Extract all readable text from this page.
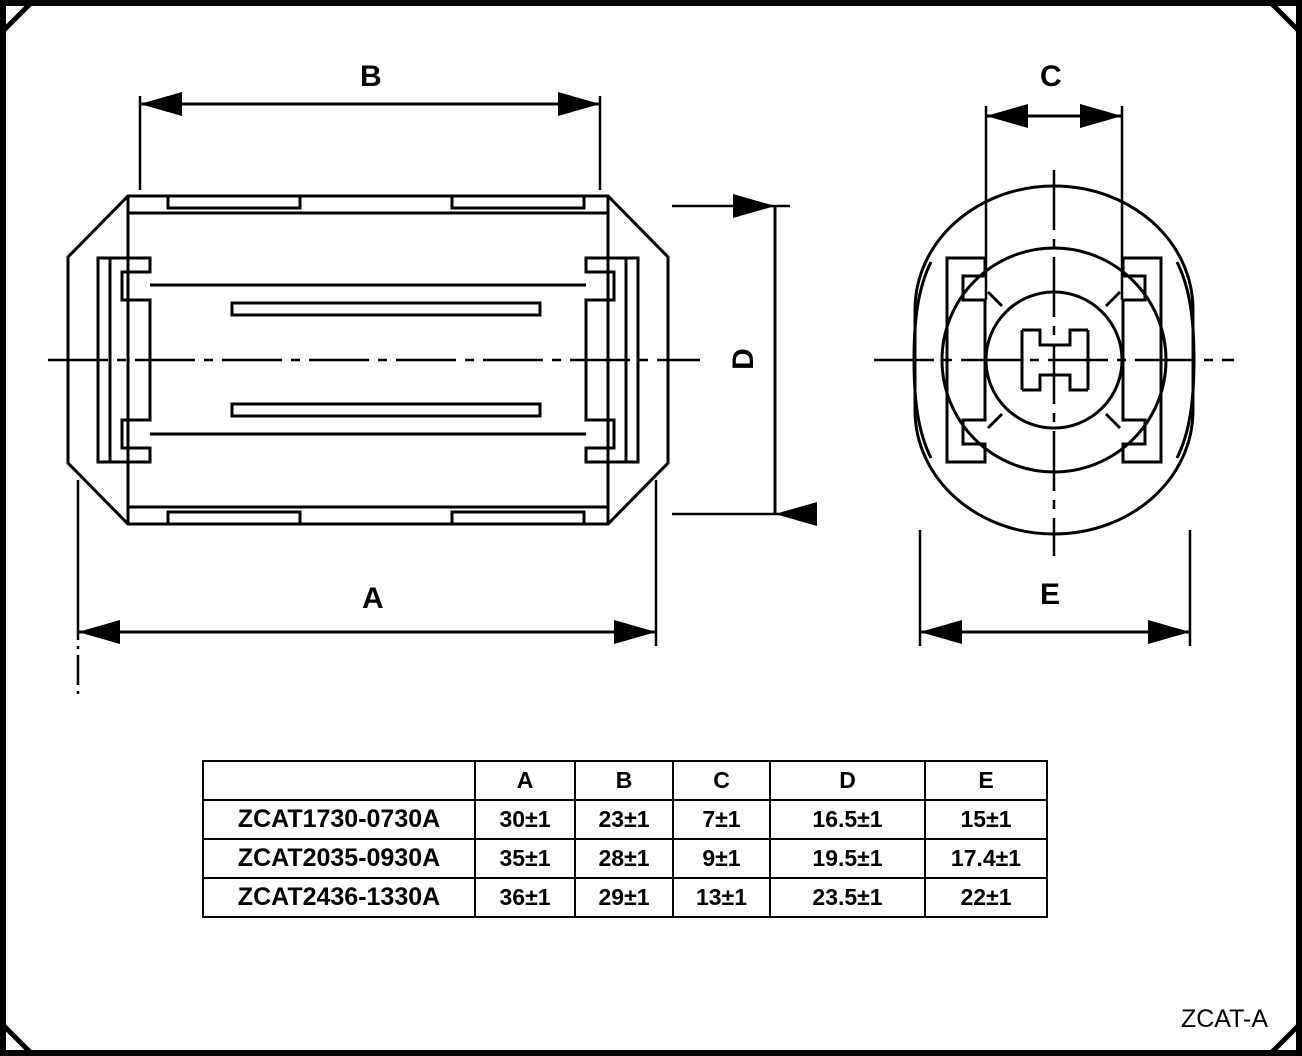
B
A
D
C
E
	A	B	C	D	E
ZCAT1730-0730A	30±1	23±1	7±1	16.5±1	15±1
ZCAT2035-0930A	35±1	28±1	9±1	19.5±1	17.4±1
ZCAT2436-1330A	36±1	29±1	13±1	23.5±1	22±1
ZCAT-A
